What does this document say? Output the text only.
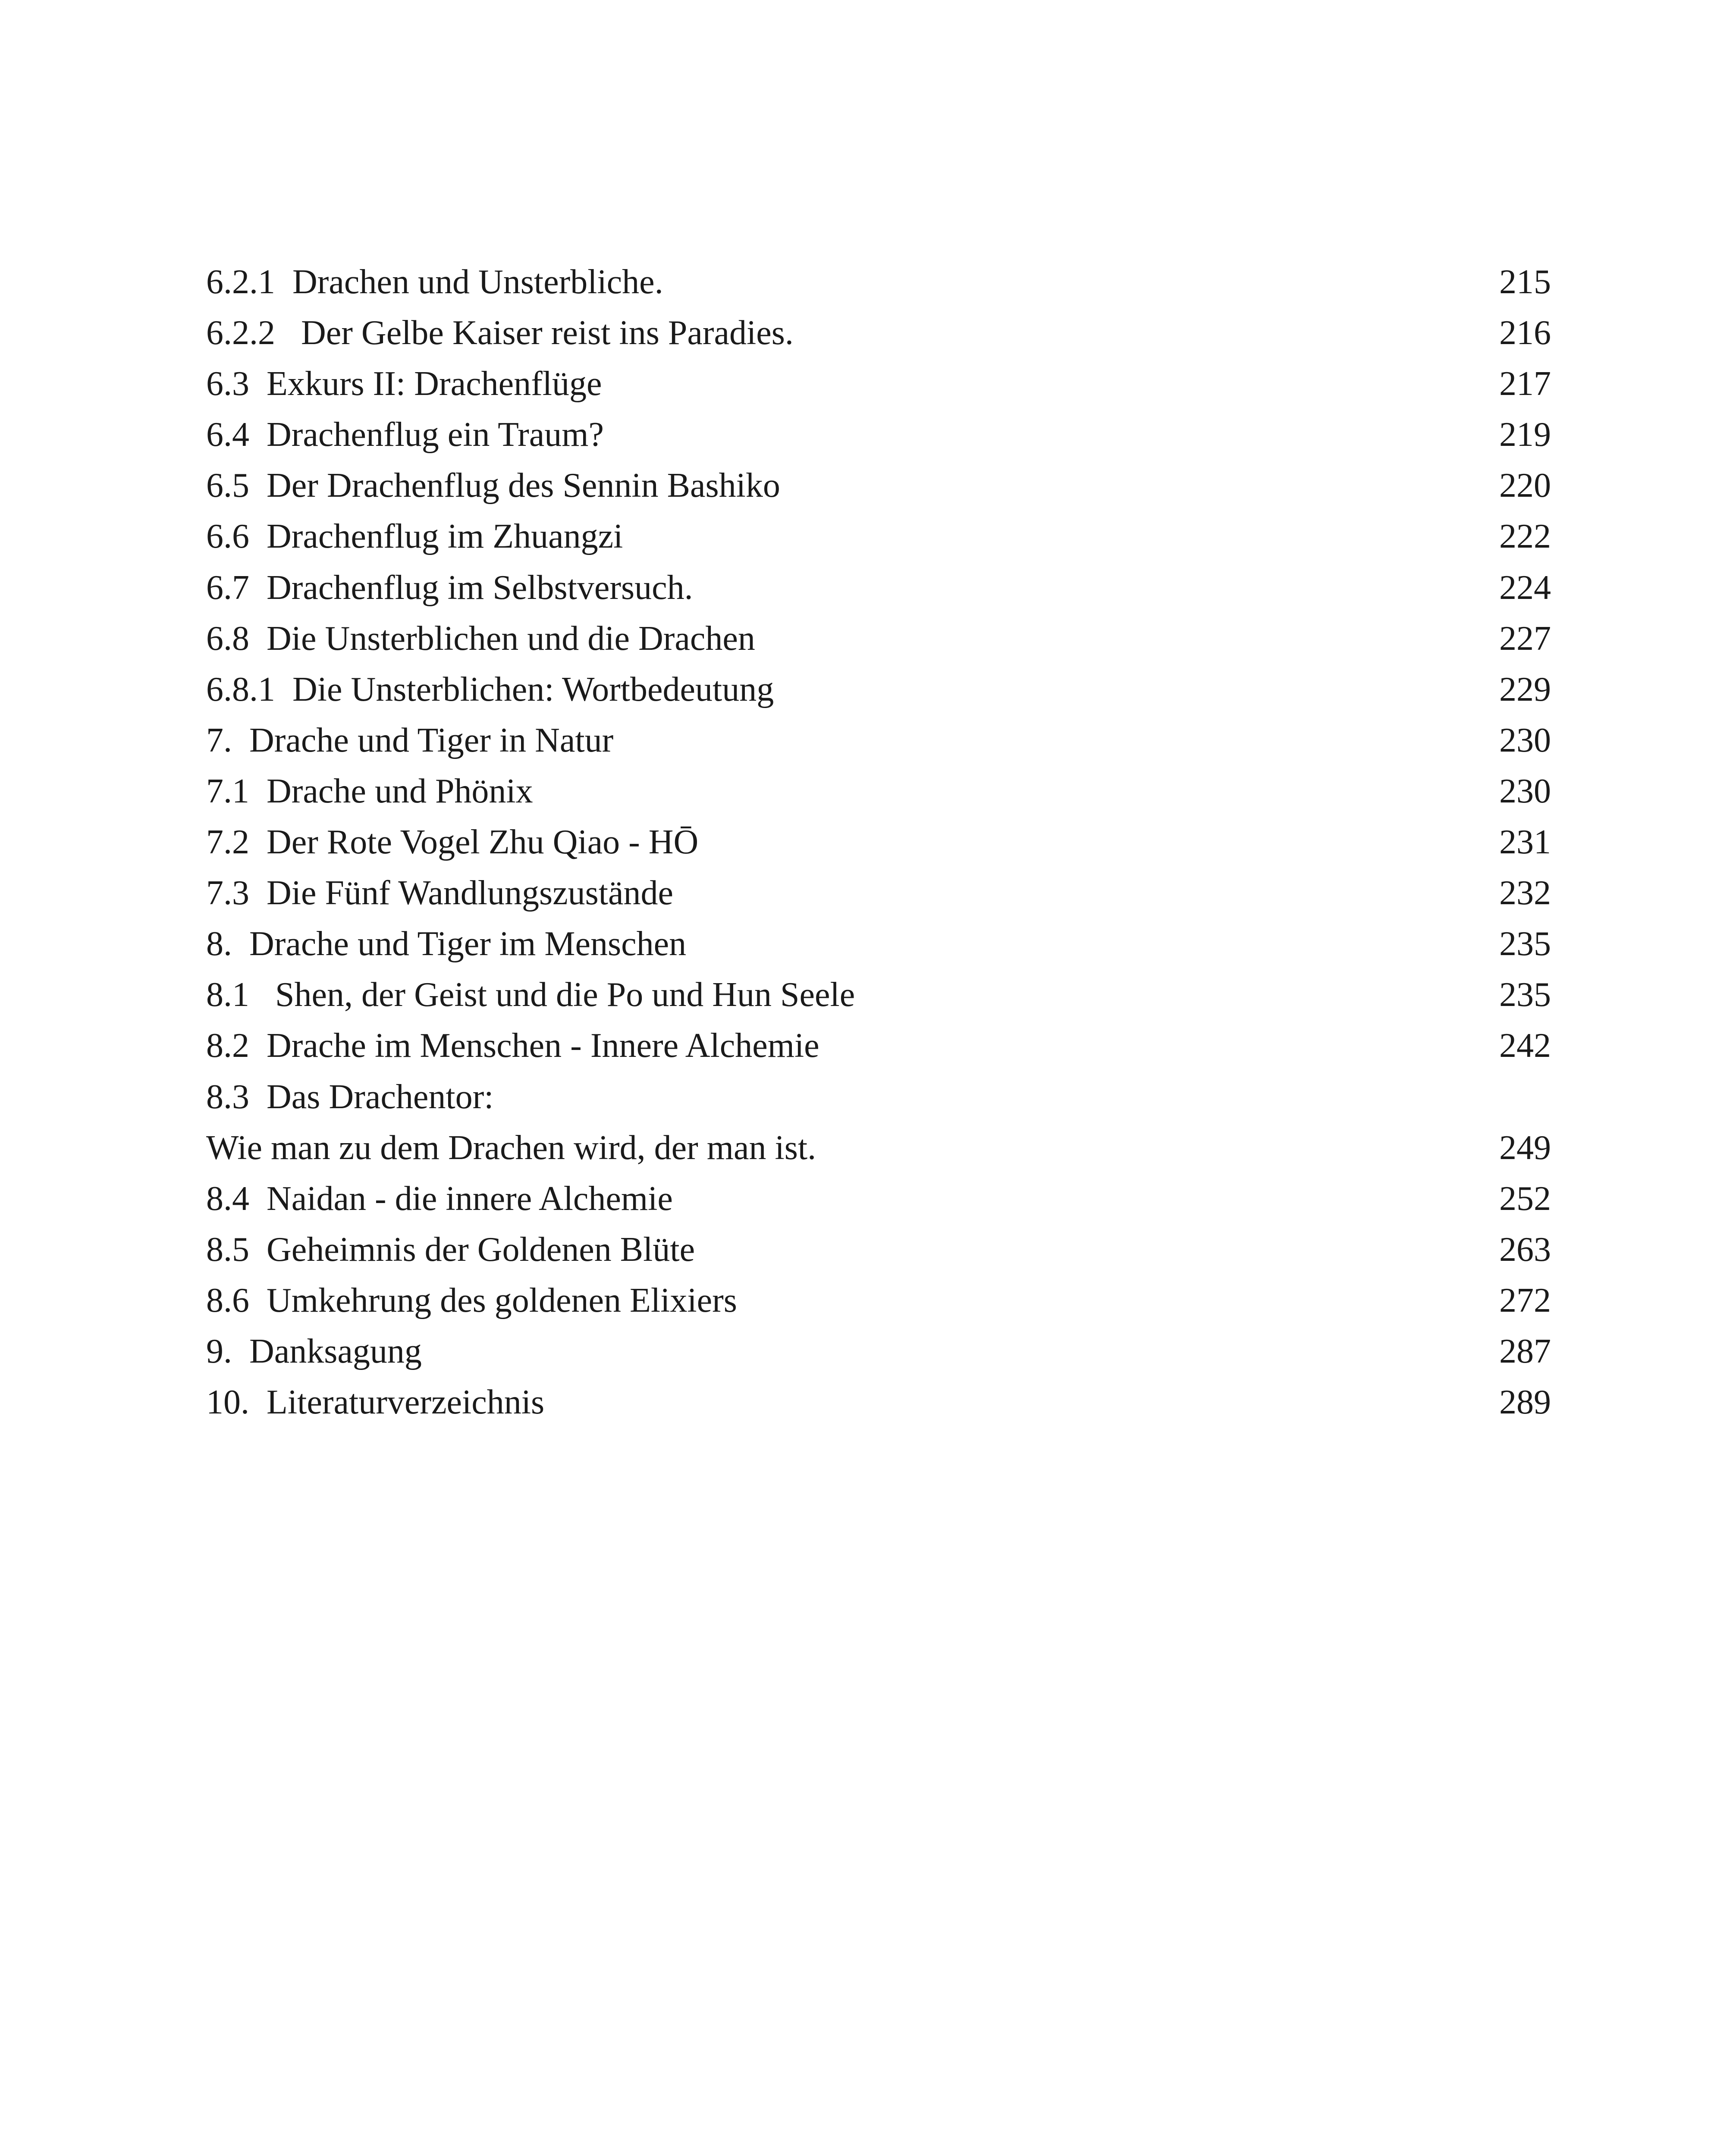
6.2.1  Drachen und Unsterbliche.	215
6.2.2   Der Gelbe Kaiser reist ins Paradies.	216
6.3  Exkurs II: Drachenflüge	217
6.4  Drachenflug ein Traum?	219
6.5  Der Drachenflug des Sennin Bashiko	220
6.6  Drachenflug im Zhuangzi	222
6.7  Drachenflug im Selbstversuch.	224
6.8  Die Unsterblichen und die Drachen	227
6.8.1  Die Unsterblichen: Wortbedeutung	229
7.  Drache und Tiger in Natur	230
7.1  Drache und Phönix	230
7.2  Der Rote Vogel Zhu Qiao - HŌ	231
7.3  Die Fünf Wandlungszustände	232
8.  Drache und Tiger im Menschen	235
8.1   Shen, der Geist und die Po und Hun Seele	235
8.2  Drache im Menschen - Innere Alchemie	242
8.3  Das Drachentor:
Wie man zu dem Drachen wird, der man ist.	249
8.4  Naidan - die innere Alchemie	252
8.5  Geheimnis der Goldenen Blüte	263
8.6  Umkehrung des goldenen Elixiers	272
9.  Danksagung	287
10.  Literaturverzeichnis	289
